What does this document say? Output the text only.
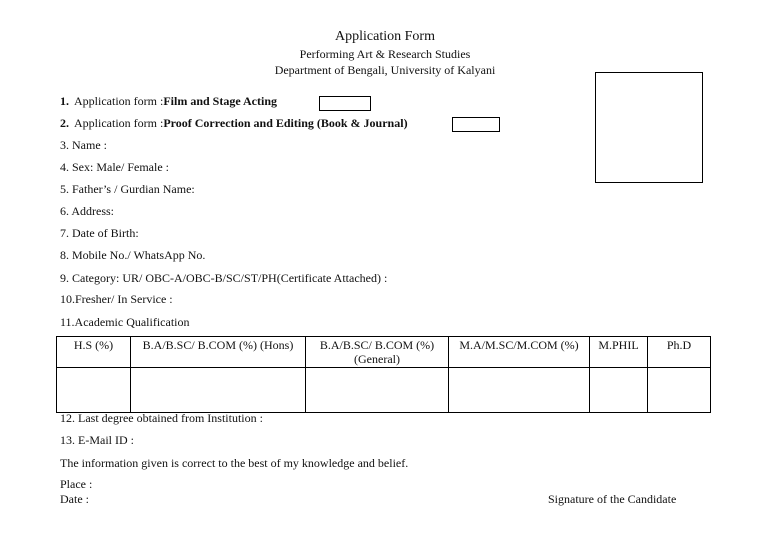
Application Form
Performing Art & Research Studies
Department of Bengali, University of Kalyani
1. Application form :Film and Stage Acting
2. Application form :Proof Correction and Editing (Book & Journal)
3. Name :
4. Sex: Male/ Female :
5. Father’s / Gurdian Name:
6. Address:
7. Date of Birth:
8. Mobile No./ WhatsApp No.
9. Category: UR/ OBC-A/OBC-B/SC/ST/PH(Certificate Attached) :
10.Fresher/ In Service :
11.Academic Qualification
H.S (%)	B.A/B.SC/ B.COM (%) (Hons)	B.A/B.SC/ B.COM (%) (General)	M.A/M.SC/M.COM (%)	M.PHIL	Ph.D

12. Last degree obtained from Institution :
13. E-Mail ID :
The information given is correct to the best of my knowledge and belief.
Place :
Date :	Signature of the Candidate
